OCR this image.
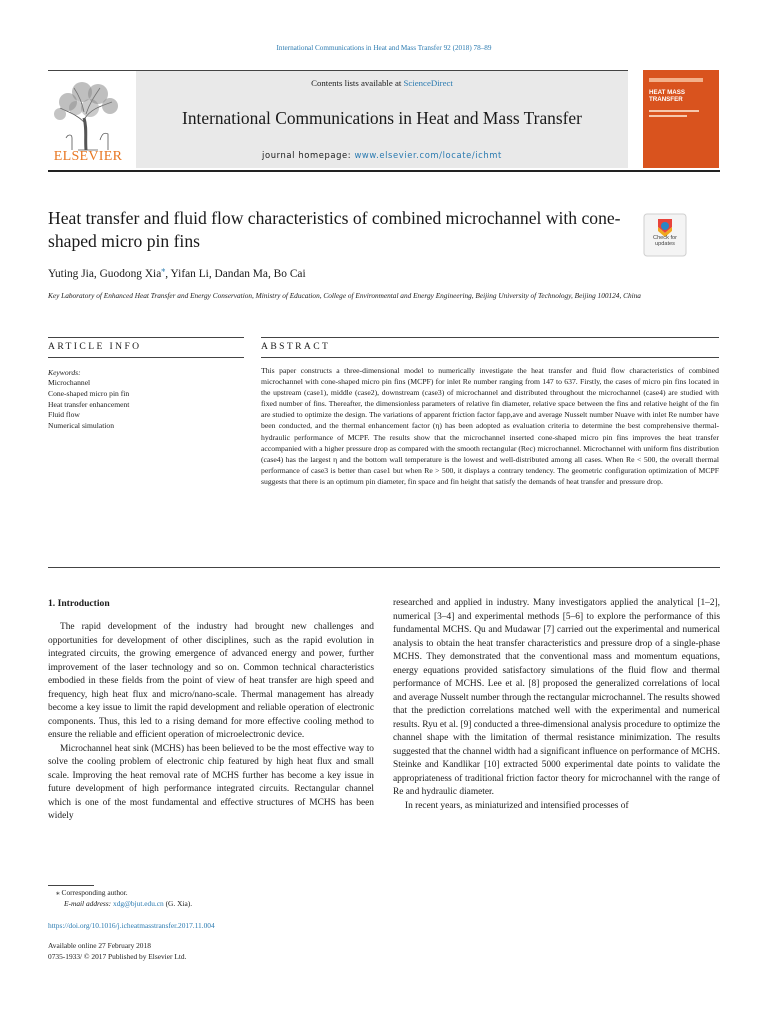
International Communications in Heat and Mass Transfer 92 (2018) 78–89
ELSEVIER
Contents lists available at ScienceDirect
International Communications in Heat and Mass Transfer
journal homepage: www.elsevier.com/locate/ichmt
HEAT MASS TRANSFER
Heat transfer and fluid flow characteristics of combined microchannel with cone-shaped micro pin fins	Check for updates
Yuting Jia, Guodong Xia⁎, Yifan Li, Dandan Ma, Bo Cai
Key Laboratory of Enhanced Heat Transfer and Energy Conservation, Ministry of Education, College of Environmental and Energy Engineering, Beijing University of Technology, Beijing 100124, China
ARTICLE INFO	ABSTRACT
Keywords:
Microchannel
Cone-shaped micro pin fin
Heat transfer enhancement
Fluid flow
Numerical simulation
This paper constructs a three-dimensional model to numerically investigate the heat transfer and fluid flow characteristics of combined microchannel with cone-shaped micro pin fins (MCPF) for inlet Re number ranging from 147 to 637. Firstly, the cases of micro pin fins located in the upstream (case1), middle (case2), downstream (case3) of microchannel and distributed throughout the microchannel (case4) are studied with fixed number of fins. Thereafter, the dimensionless parameters of relative fin diameter, relative space between the fins and relative height of the fin are studied to optimize the design. The variations of apparent friction factor fapp,ave and average Nusselt number Nuave with inlet Re number have been conducted, and the thermal enhancement factor (η) has been adopted as evaluation criteria to determine the best comprehensive thermal-hydraulic performance of MCPF. The results show that the microchannel inserted cone-shaped micro pin fins improves the heat transfer accompanied with a higher pressure drop as compared with the smooth rectangular (Rec) microchannel. Microchannel with uniform fins distribution (case4) has the largest η and the bottom wall temperature is the lowest and well-distributed among all cases. When Re < 500, the overall thermal performance of case3 is better than case1 but when Re > 500, it displays a contrary tendency. The geometric configuration optimization of MCPF suggests that there is an optimum pin diameter, fin space and fin height that satisfy the demands of heat transfer and pressure drop.
1. Introduction

The rapid development of the industry had brought new challenges and opportunities for development of other disciplines, such as the rapid evolution in integrated circuits, the growing emergence of advanced energy and power, further improvement of the laser technology and so on. Common technical characteristics embodied in these fields from the point of view of heat transfer are high speed and frequency, high heat flux and micro/nano-scale. Thermal management has already become a key issue to limit the rapid development and reliable operation of electronic components. Thus, this led to a rising demand for more effective cooling method to ensure the reliable and efficient operation of microelectronic device.

Microchannel heat sink (MCHS) has been believed to be the most effective way to solve the cooling problem of electronic chip featured by high heat flux and small scale. Improving the heat removal rate of MCHS further has become a key issue in future development of high performance integrated circuits. Rectangular channel which is one of the most fundamental and effective structures of MCHS has been widely

researched and applied in industry. Many investigators applied the analytical [1–2], numerical [3–4] and experimental methods [5–6] to explore the performance of this fundamental MCHS. Qu and Mudawar [7] carried out the experimental and numerical analysis to obtain the heat transfer characteristics and pressure drop of a single-phase MCHS. They demonstrated that the conventional mass and momentum equations, energy equations provided satisfactory simulations of the fluid flow and thermal performance of MCHS. Lee et al. [8] proposed the generalized correlations of local and average Nusselt number through the rectangular microchannel. The results showed that the prediction correlations matched well with the experimental and numerical results. Ryu et al. [9] conducted a three-dimensional analysis procedure to optimize the channel shape with the limitation of thermal resistance minimization. The results suggested that the channel width had a significant influence on performance of MCHS. Steinke and Kandlikar [10] extracted 5000 experimental date points to validate the appropriateness of traditional friction factor theory for microchannel with the range of Re and hydraulic diameter.

In recent years, as miniaturized and intensified processes of

⁎ Corresponding author.
E-mail address: xdg@bjut.edu.cn (G. Xia).
https://doi.org/10.1016/j.icheatmasstransfer.2017.11.004
Available online 27 February 2018
0735-1933/ © 2017 Published by Elsevier Ltd.
